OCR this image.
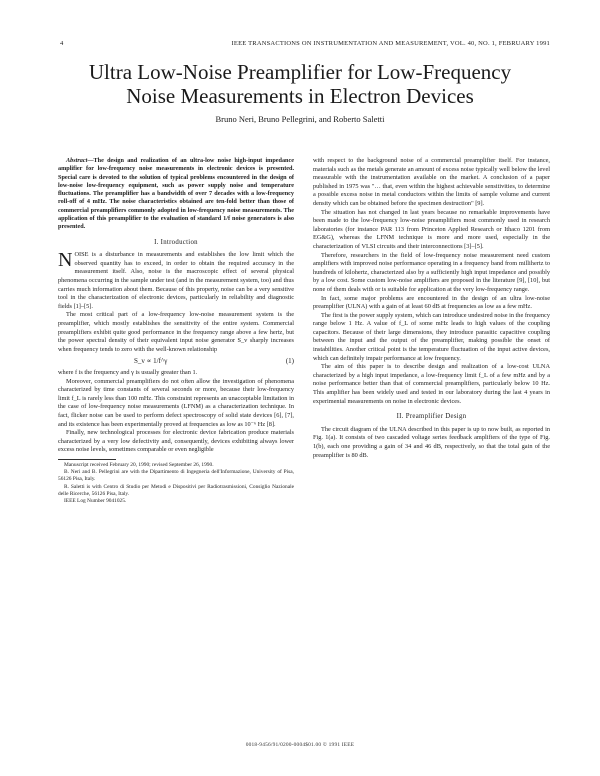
4	IEEE TRANSACTIONS ON INSTRUMENTATION AND MEASUREMENT, VOL. 40, NO. 1, FEBRUARY 1991
Ultra Low-Noise Preamplifier for Low-Frequency
Noise Measurements in Electron Devices
Bruno Neri, Bruno Pellegrini, and Roberto Saletti

Abstract—The design and realization of an ultra-low noise high-input impedance amplifier for low-frequency noise measurements in electronic devices is presented. Special care is devoted to the solution of typical problems encountered in the design of low-noise low-frequency equipment, such as power supply noise and temperature fluctuations. The preamplifier has a bandwidth of over 7 decades with a low-frequency roll-off of 4 mHz. The noise characteristics obtained are ten-fold better than those of commercial preamplifiers commonly adopted in low-frequency noise measurements. The application of this preamplifier to the evaluation of standard 1/f noise generators is also presented.

I. Introduction

NOISE is a disturbance in measurements and establishes the low limit which the observed quantity has to exceed, in order to obtain the required accuracy in the measurement itself. Also, noise is the macroscopic effect of several physical phenomena occurring in the sample under test (and in the measurement system, too) and thus carries much information about them. Because of this property, noise can be a very sensitive tool in the characterization of electronic devices, particularly in reliability and diagnostic fields [1]–[5].

The most critical part of a low-frequency low-noise measurement system is the preamplifier, which mostly establishes the sensitivity of the entire system. Commercial preamplifiers exhibit quite good performance in the frequency range above a few hertz, but the power spectral density of their equivalent input noise generator S_v sharply increases when frequency tends to zero with the well-known relationship

S_v ∝ 1/f^γ	(1)

where f is the frequency and γ is usually greater than 1.

Moreover, commercial preamplifiers do not often allow the investigation of phenomena characterized by time constants of several seconds or more, because their low-frequency limit f_L is rarely less than 100 mHz. This constraint represents an unacceptable limitation in the case of low-frequency noise measurements (LFNM) as a characterization technique. In fact, flicker noise can be used to perform defect spectroscopy of solid state devices [6], [7], and its existence has been experimentally proved at frequencies as low as 10⁻⁶ Hz [8].

Finally, new technological processes for electronic device fabrication produce materials characterized by a very low defectivity and, consequently, devices exhibiting always lower excess noise levels, sometimes comparable or even negligible

Manuscript received February 20, 1990; revised September 26, 1990.

B. Neri and B. Pellegrini are with the Dipartimento di Ingegneria dell'Informazione, University of Pisa, 56126 Pisa, Italy.

R. Saletti is with Centro di Studio per Metodi e Dispositivi per Radiotrasmissioni, Consiglio Nazionale delle Ricerche, 56126 Pisa, Italy.

IEEE Log Number 9041025.

with respect to the background noise of a commercial preamplifier itself. For instance, materials such as the metals generate an amount of excess noise typically well below the level measurable with the instrumentation available on the market. A conclusion of a paper published in 1975 was "… that, even within the highest achievable sensitivities, to determine a possible excess noise in metal conductors within the limits of sample volume and current density which can be obtained before the specimen destruction" [9].

The situation has not changed in last years because no remarkable improvements have been made to the low-frequency low-noise preamplifiers most commonly used in research laboratories (for instance PAR 113 from Princeton Applied Research or Ithaco 1201 from EG&G), whereas the LFNM technique is more and more used, especially in the characterization of VLSI circuits and their interconnections [3]–[5].

Therefore, researchers in the field of low-frequency noise measurement need custom amplifiers with improved noise performance operating in a frequency band from millihertz to hundreds of kilohertz, characterized also by a sufficiently high input impedance and possibly by a low cost. Some custom low-noise amplifiers are proposed in the literature [9], [10], but none of them deals with or is suitable for application at the very low-frequency range.

In fact, some major problems are encountered in the design of an ultra low-noise preamplifier (ULNA) with a gain of at least 60 dB at frequencies as low as a few mHz.

The first is the power supply system, which can introduce undesired noise in the frequency range below 1 Hz. A value of f_L of some mHz leads to high values of the coupling capacitors. Because of their large dimensions, they introduce parasitic capacitive coupling between the input and the output of the preamplifier, making possible the onset of instabilities. Another critical point is the temperature fluctuation of the input active devices, which can definitely impair performance at low frequency.

The aim of this paper is to describe design and realization of a low-cost ULNA characterized by a high input impedance, a low-frequency limit f_L of a few mHz and by a noise performance better than that of commercial preamplifiers, particularly below 10 Hz. This amplifier has been widely used and tested in our laboratory during the last 4 years in experimental measurements on noise in electronic devices.

II. Preamplifier Design

The circuit diagram of the ULNA described in this paper is up to now built, as reported in Fig. 1(a). It consists of two cascaded voltage series feedback amplifiers of the type of Fig. 1(b), each one providing a gain of 34 and 46 dB, respectively, so that the total gain of the preamplifier is 80 dB.

0018-9456/91/0200-0004$01.00 © 1991 IEEE
